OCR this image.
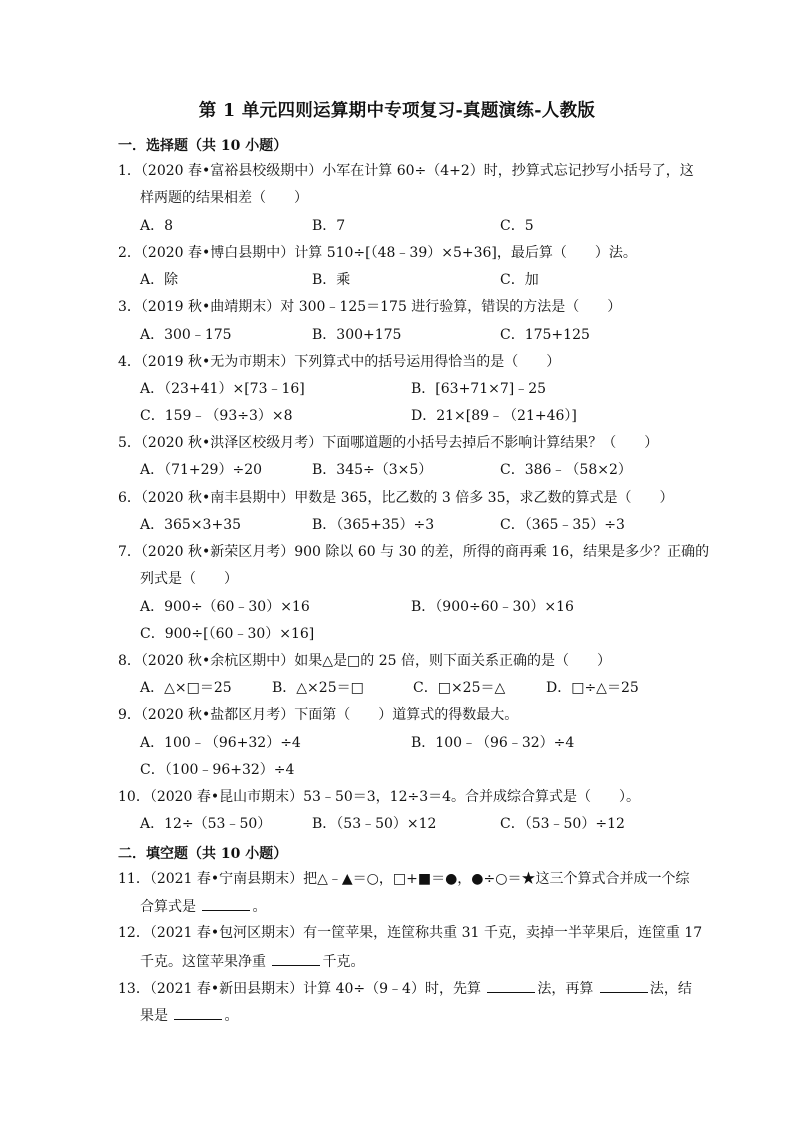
第 1 单元四则运算期中专项复习-真题演练-人教版
一．选择题（共 10 小题）
1．（2020 春•富裕县校级期中）小军在计算 60÷（4+2）时，抄算式忘记抄写小括号了，这
样两题的结果相差（　　）
A．8	B．7	C．5
2．（2020 春•博白县期中）计算 510÷[（48﹣39）×5+36]，最后算（　　）法。
A．除	B．乘	C．加
3．（2019 秋•曲靖期末）对 300﹣125＝175 进行验算，错误的方法是（　　）
A．300﹣175	B．300+175	C．175+125
4．（2019 秋•无为市期末）下列算式中的括号运用得恰当的是（　　）
A．（23+41）×[73﹣16]	B．[63+71×7]﹣25
C．159﹣（93÷3）×8	D．21×[89﹣（21+46）]
5．（2020 秋•洪泽区校级月考）下面哪道题的小括号去掉后不影响计算结果？（　　）
A．（71+29）÷20	B．345÷（3×5）	C．386﹣（58×2）
6．（2020 秋•南丰县期中）甲数是 365，比乙数的 3 倍多 35，求乙数的算式是（　　）
A．365×3+35	B．（365+35）÷3	C．（365﹣35）÷3
7．（2020 秋•新荣区月考）900 除以 60 与 30 的差，所得的商再乘 16，结果是多少？正确的
列式是（　　）
A．900÷（60﹣30）×16	B．（900÷60﹣30）×16
C．900÷[（60﹣30）×16]
8．（2020 秋•余杭区期中）如果△是□的 25 倍，则下面关系正确的是（　　）
A．△×□＝25	B．△×25＝□	C．□×25＝△	D．□÷△＝25
9．（2020 秋•盐都区月考）下面第（　　）道算式的得数最大。
A．100﹣（96+32）÷4	B．100﹣（96﹣32）÷4
C．（100﹣96+32）÷4
10．（2020 春•昆山市期末）53﹣50＝3，12÷3＝4。合并成综合算式是（　　）。
A．12÷（53﹣50）	B．（53﹣50）×12	C．（53﹣50）÷12
二．填空题（共 10 小题）
11．（2021 春•宁南县期末）把△﹣▲＝○，□+■＝●，●÷○＝★这三个算式合并成一个综
合算式是	。
12．（2021 春•包河区期末）有一筐苹果，连筐称共重 31 千克，卖掉一半苹果后，连筐重 17
千克。这筐苹果净重	千克。
13．（2021 春•新田县期末）计算 40÷（9﹣4）时，先算	法，再算	法，结
果是	。
